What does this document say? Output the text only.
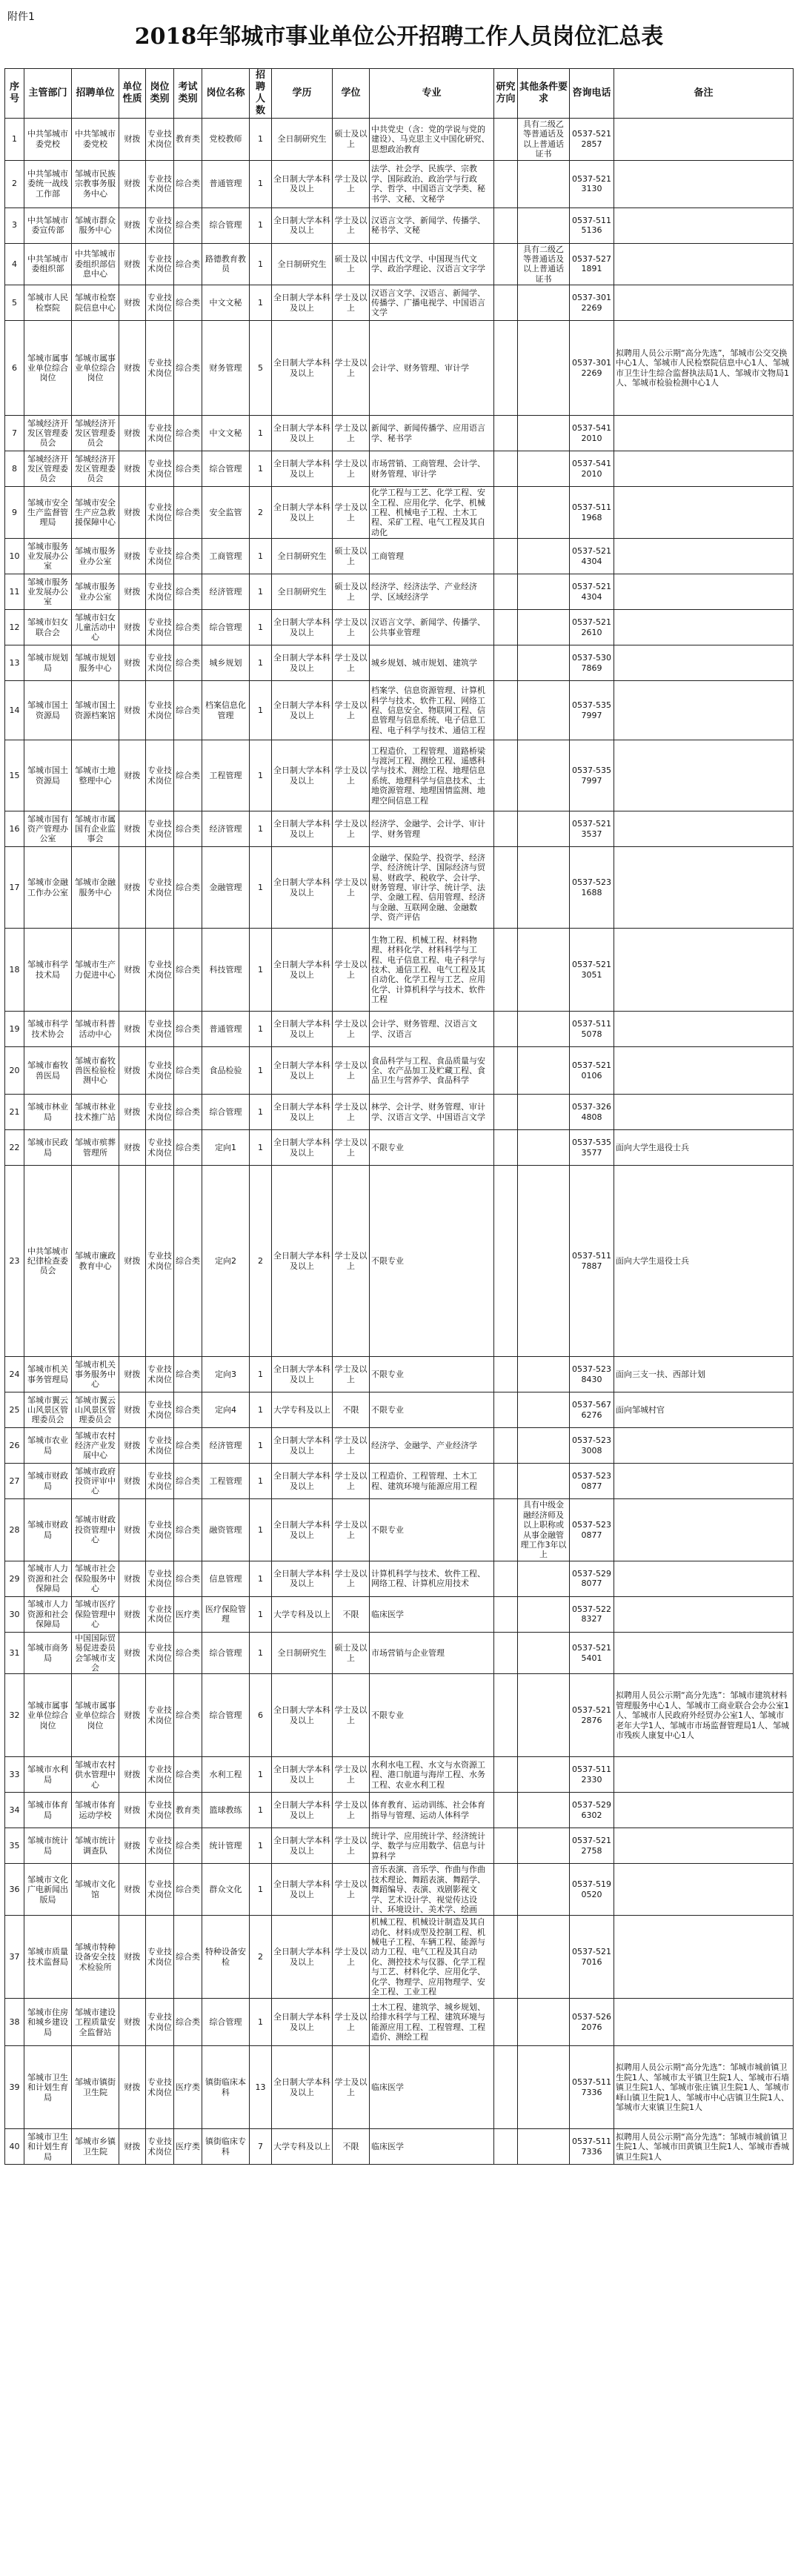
附件1
2018年邹城市事业单位公开招聘工作人员岗位汇总表
序号	主管部门	招聘单位	单位性质	岗位类别	考试类别	岗位名称	招聘人数	学历	学位	专业	研究方向	其他条件要求	咨询电话	备注
1	中共邹城市委党校	中共邹城市委党校	财拨	专业技术岗位	教育类	党校教师	1	全日制研究生	硕士及以上	中共党史（含：党的学说与党的建设）、马克思主义中国化研究、思想政治教育		具有二级乙等普通话及以上普通话证书	0537-5212857	
2	中共邹城市委统一战线工作部	邹城市民族宗教事务服务中心	财拨	专业技术岗位	综合类	普通管理	1	全日制大学本科及以上	学士及以上	法学、社会学、民族学、宗教学、国际政治、政治学与行政学、哲学、中国语言文学类、秘书学、文秘、文秘学			0537-5213130	
3	中共邹城市委宣传部	邹城市群众服务中心	财拨	专业技术岗位	综合类	综合管理	1	全日制大学本科及以上	学士及以上	汉语言文学、新闻学、传播学、秘书学、文秘			0537-5115136	
4	中共邹城市委组织部	中共邹城市委组织部信息中心	财拨	专业技术岗位	综合类	路德教育教员	1	全日制研究生	硕士及以上	中国古代文学、中国现当代文学、政治学理论、汉语言文字学		具有二级乙等普通话及以上普通话证书	0537-5271891	
5	邹城市人民检察院	邹城市检察院信息中心	财拨	专业技术岗位	综合类	中文文秘	1	全日制大学本科及以上	学士及以上	汉语言文学、汉语言、新闻学、传播学、广播电视学、中国语言文学			0537-3012269	
6	邹城市属事业单位综合岗位	邹城市属事业单位综合岗位	财拨	专业技术岗位	综合类	财务管理	5	全日制大学本科及以上	学士及以上	会计学、财务管理、审计学			0537-3012269	拟聘用人员公示期“高分先选”，邹城市公交交换中心1人、邹城市人民检察院信息中心1人、邹城市卫生计生综合监督执法局1人、邹城市文物局1人、邹城市检验检测中心1人
7	邹城经济开发区管理委员会	邹城经济开发区管理委员会	财拨	专业技术岗位	综合类	中文文秘	1	全日制大学本科及以上	学士及以上	新闻学、新闻传播学、应用语言学、秘书学			0537-5412010	
8	邹城经济开发区管理委员会	邹城经济开发区管理委员会	财拨	专业技术岗位	综合类	综合管理	1	全日制大学本科及以上	学士及以上	市场营销、工商管理、会计学、财务管理、审计学			0537-5412010	
9	邹城市安全生产监督管理局	邹城市安全生产应急救援保障中心	财拨	专业技术岗位	综合类	安全监管	2	全日制大学本科及以上	学士及以上	化学工程与工艺、化学工程、安全工程、应用化学、化学、机械工程、机械电子工程、土木工程、采矿工程、电气工程及其自动化			0537-5111968	
10	邹城市服务业发展办公室	邹城市服务业办公室	财拨	专业技术岗位	综合类	工商管理	1	全日制研究生	硕士及以上	工商管理			0537-5214304	
11	邹城市服务业发展办公室	邹城市服务业办公室	财拨	专业技术岗位	综合类	经济管理	1	全日制研究生	硕士及以上	经济学、经济法学、产业经济学、区域经济学			0537-5214304	
12	邹城市妇女联合会	邹城市妇女儿童活动中心	财拨	专业技术岗位	综合类	综合管理	1	全日制大学本科及以上	学士及以上	汉语言文学、新闻学、传播学、公共事业管理			0537-5212610	
13	邹城市规划局	邹城市规划服务中心	财拨	专业技术岗位	综合类	城乡规划	1	全日制大学本科及以上	学士及以上	城乡规划、城市规划、建筑学			0537-5307869	
14	邹城市国土资源局	邹城市国土资源档案馆	财拨	专业技术岗位	综合类	档案信息化管理	1	全日制大学本科及以上	学士及以上	档案学、信息资源管理、计算机科学与技术、软件工程、网络工程、信息安全、物联网工程、信息管理与信息系统、电子信息工程、电子科学与技术、通信工程			0537-5357997	
15	邹城市国土资源局	邹城市土地整理中心	财拨	专业技术岗位	综合类	工程管理	1	全日制大学本科及以上	学士及以上	工程造价、工程管理、道路桥梁与渡河工程、测绘工程、遥感科学与技术、测绘工程、地理信息系统、地理科学与信息技术、土地资源管理、地理国情监测、地理空间信息工程			0537-5357997	
16	邹城市国有资产管理办公室	邹城市市属国有企业监事会	财拨	专业技术岗位	综合类	经济管理	1	全日制大学本科及以上	学士及以上	经济学、金融学、会计学、审计学、财务管理			0537-5213537	
17	邹城市金融工作办公室	邹城市金融服务中心	财拨	专业技术岗位	综合类	金融管理	1	全日制大学本科及以上	学士及以上	金融学、保险学、投资学、经济学、经济统计学、国际经济与贸易、财政学、税收学、会计学、财务管理、审计学、统计学、法学、金融工程、信用管理、经济与金融、互联网金融、金融数学、资产评估			0537-5231688	
18	邹城市科学技术局	邹城市生产力促进中心	财拨	专业技术岗位	综合类	科技管理	1	全日制大学本科及以上	学士及以上	生物工程、机械工程、材料物理、材料化学、材料科学与工程、电子信息工程、电子科学与技术、通信工程、电气工程及其自动化、化学工程与工艺、应用化学、计算机科学与技术、软件工程			0537-5213051	
19	邹城市科学技术协会	邹城市科普活动中心	财拨	专业技术岗位	综合类	普通管理	1	全日制大学本科及以上	学士及以上	会计学、财务管理、汉语言文学、汉语言			0537-5115078	
20	邹城市畜牧兽医局	邹城市畜牧兽医检验检测中心	财拨	专业技术岗位	综合类	食品检验	1	全日制大学本科及以上	学士及以上	食品科学与工程、食品质量与安全、农产品加工及贮藏工程、食品卫生与营养学、食品科学			0537-5210106	
21	邹城市林业局	邹城市林业技术推广站	财拨	专业技术岗位	综合类	综合管理	1	全日制大学本科及以上	学士及以上	林学、会计学、财务管理、审计学、汉语言文学、中国语言文学			0537-3264808	
22	邹城市民政局	邹城市殡葬管理所	财拨	专业技术岗位	综合类	定向1	1	全日制大学本科及以上	学士及以上	不限专业			0537-5353577	面向大学生退役士兵
23	中共邹城市纪律检查委员会	邹城市廉政教育中心	财拨	专业技术岗位	综合类	定向2	2	全日制大学本科及以上	学士及以上	不限专业			0537-5117887	面向大学生退役士兵
24	邹城市机关事务管理局	邹城市机关事务服务中心	财拨	专业技术岗位	综合类	定向3	1	全日制大学本科及以上	学士及以上	不限专业			0537-5238430	面向三支一扶、西部计划
25	邹城市翼云山风景区管理委员会	邹城市翼云山风景区管理委员会	财拨	专业技术岗位	综合类	定向4	1	大学专科及以上	不限	不限专业			0537-5676276	面向邹城村官
26	邹城市农业局	邹城市农村经济产业发展中心	财拨	专业技术岗位	综合类	经济管理	1	全日制大学本科及以上	学士及以上	经济学、金融学、产业经济学			0537-5233008	
27	邹城市财政局	邹城市政府投资评审中心	财拨	专业技术岗位	综合类	工程管理	1	全日制大学本科及以上	学士及以上	工程造价、工程管理、土木工程、建筑环境与能源应用工程			0537-5230877	
28	邹城市财政局	邹城市财政投资管理中心	财拨	专业技术岗位	综合类	融资管理	1	全日制大学本科及以上	学士及以上	不限专业		具有中级金融经济师及以上职称或从事金融管理工作3年以上	0537-5230877	
29	邹城市人力资源和社会保障局	邹城市社会保险服务中心	财拨	专业技术岗位	综合类	信息管理	1	全日制大学本科及以上	学士及以上	计算机科学与技术、软件工程、网络工程、计算机应用技术			0537-5298077	
30	邹城市人力资源和社会保障局	邹城市医疗保险管理中心	财拨	专业技术岗位	医疗类	医疗保险管理	1	大学专科及以上	不限	临床医学			0537-5228327	
31	邹城市商务局	中国国际贸易促进委员会邹城市支会	财拨	专业技术岗位	综合类	综合管理	1	全日制研究生	硕士及以上	市场营销与企业管理			0537-5215401	
32	邹城市属事业单位综合岗位	邹城市属事业单位综合岗位	财拨	专业技术岗位	综合类	综合管理	6	全日制大学本科及以上	学士及以上	不限专业			0537-5212876	拟聘用人员公示期“高分先选”：邹城市建筑材料管理服务中心1人、邹城市工商业联合会办公室1人、邹城市人民政府外经贸办公室1人、邹城市老年大学1人、邹城市市场监督管理局1人、邹城市残疾人康复中心1人
33	邹城市水利局	邹城市农村供水管理中心	财拨	专业技术岗位	综合类	水利工程	1	全日制大学本科及以上	学士及以上	水利水电工程、水文与水资源工程、港口航道与海岸工程、水务工程、农业水利工程			0537-5112330	
34	邹城市体育局	邹城市体育运动学校	财拨	专业技术岗位	教育类	篮球教练	1	全日制大学本科及以上	学士及以上	体育教育、运动训练、社会体育指导与管理、运动人体科学			0537-5296302	
35	邹城市统计局	邹城市统计调查队	财拨	专业技术岗位	综合类	统计管理	1	全日制大学本科及以上	学士及以上	统计学、应用统计学、经济统计学、数学与应用数学、信息与计算科学			0537-5212758	
36	邹城市文化广电新闻出版局	邹城市文化馆	财拨	专业技术岗位	综合类	群众文化	1	全日制大学本科及以上	学士及以上	音乐表演、音乐学、作曲与作曲技术理论、舞蹈表演、舞蹈学、舞蹈编导、表演、戏剧影视文学、艺术设计学、视觉传达设计、环境设计、美术学、绘画			0537-5190520	
37	邹城市质量技术监督局	邹城市特种设备安全技术检验所	财拨	专业技术岗位	综合类	特种设备安检	2	全日制大学本科及以上	学士及以上	机械工程、机械设计制造及其自动化、材料成型及控制工程、机械电子工程、车辆工程、能源与动力工程、电气工程及其自动化、测控技术与仪器、化学工程与工艺、材料化学、应用化学、化学、物理学、应用物理学、安全工程、工业工程			0537-5217016	
38	邹城市住房和城乡建设局	邹城市建设工程质量安全监督站	财拨	专业技术岗位	综合类	综合管理	1	全日制大学本科及以上	学士及以上	土木工程、建筑学、城乡规划、给排水科学与工程、建筑环境与能源应用工程、工程管理、工程造价、测绘工程			0537-5262076	
39	邹城市卫生和计划生育局	邹城市镇街卫生院	财拨	专业技术岗位	医疗类	镇街临床本科	13	全日制大学本科及以上	学士及以上	临床医学			0537-5117336	拟聘用人员公示期“高分先选”：邹城市城前镇卫生院1人、邹城市太平镇卫生院1人、邹城市石墙镇卫生院1人、邹城市张庄镇卫生院1人、邹城市峄山镇卫生院1人、邹城市中心店镇卫生院1人、邹城市大束镇卫生院1人
40	邹城市卫生和计划生育局	邹城市乡镇卫生院	财拨	专业技术岗位	医疗类	镇街临床专科	7	大学专科及以上	不限	临床医学			0537-5117336	拟聘用人员公示期“高分先选”：邹城市城前镇卫生院1人、邹城市田黄镇卫生院1人、邹城市香城镇卫生院1人
